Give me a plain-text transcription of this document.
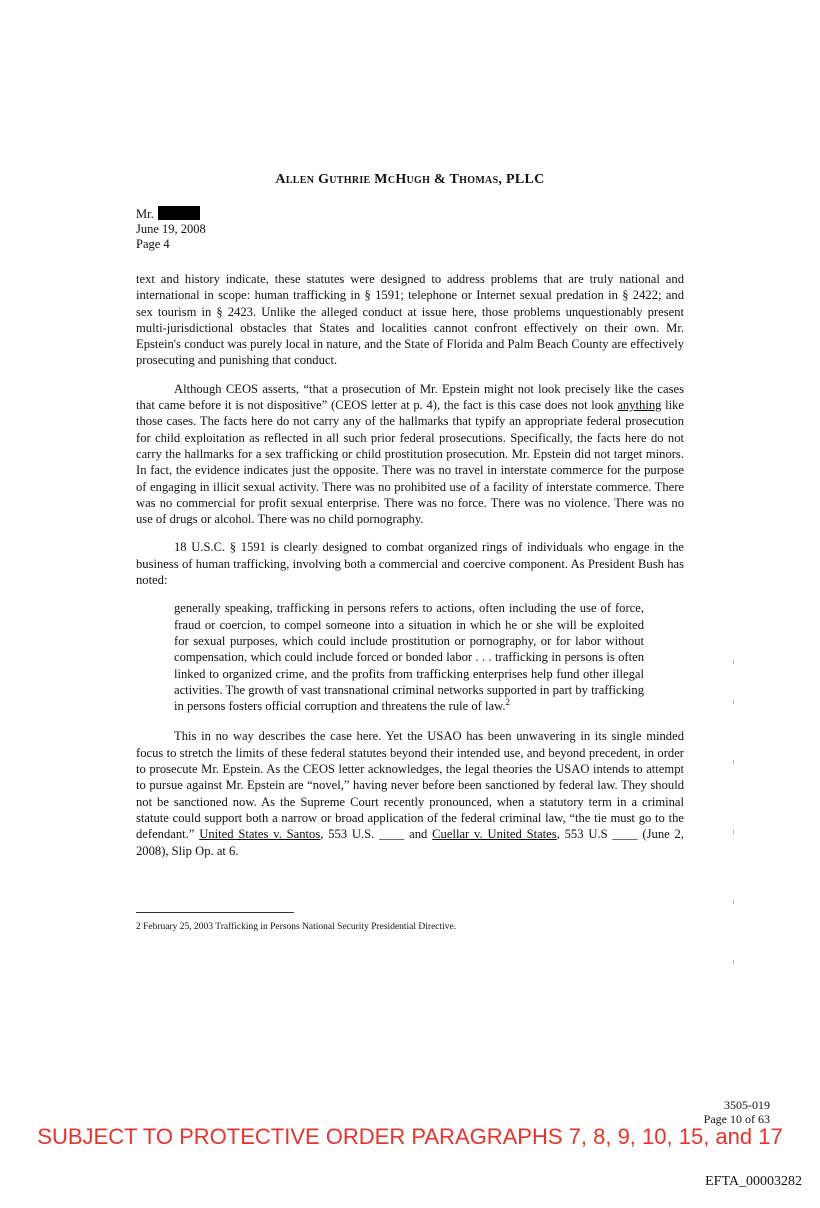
Allen Guthrie McHugh & Thomas, PLLC
Mr.
June 19, 2008
Page 4

text and history indicate, these statutes were designed to address problems that are truly national and international in scope: human trafficking in § 1591; telephone or Internet sexual predation in § 2422; and sex tourism in § 2423. Unlike the alleged conduct at issue here, those problems unquestionably present multi-jurisdictional obstacles that States and localities cannot confront effectively on their own. Mr. Epstein's conduct was purely local in nature, and the State of Florida and Palm Beach County are effectively prosecuting and punishing that conduct.

Although CEOS asserts, “that a prosecution of Mr. Epstein might not look precisely like the cases that came before it is not dispositive” (CEOS letter at p. 4), the fact is this case does not look anything like those cases. The facts here do not carry any of the hallmarks that typify an appropriate federal prosecution for child exploitation as reflected in all such prior federal prosecutions. Specifically, the facts here do not carry the hallmarks for a sex trafficking or child prostitution prosecution. Mr. Epstein did not target minors. In fact, the evidence indicates just the opposite. There was no travel in interstate commerce for the purpose of engaging in illicit sexual activity. There was no prohibited use of a facility of interstate commerce. There was no commercial for profit sexual enterprise. There was no force. There was no violence. There was no use of drugs or alcohol. There was no child pornography.

18 U.S.C. § 1591 is clearly designed to combat organized rings of individuals who engage in the business of human trafficking, involving both a commercial and coercive component. As President Bush has noted:

generally speaking, trafficking in persons refers to actions, often including the use of force, fraud or coercion, to compel someone into a situation in which he or she will be exploited for sexual purposes, which could include prostitution or pornography, or for labor without compensation, which could include forced or bonded labor . . . trafficking in persons is often linked to organized crime, and the profits from trafficking enterprises help fund other illegal activities. The growth of vast transnational criminal networks supported in part by trafficking in persons fosters official corruption and threatens the rule of law.$^2$

This in no way describes the case here. Yet the USAO has been unwavering in its single minded focus to stretch the limits of these federal statutes beyond their intended use, and beyond precedent, in order to prosecute Mr. Epstein. As the CEOS letter acknowledges, the legal theories the USAO intends to attempt to pursue against Mr. Epstein are “novel,” having never before been sanctioned by federal law. They should not be sanctioned now. As the Supreme Court recently pronounced, when a statutory term in a criminal statute could support both a narrow or broad application of the federal criminal law, “the tie must go to the defendant.” United States v. Santos, 553 U.S. ____ and Cuellar v. United States, 553 U.S ____ (June 2, 2008), Slip Op. at 6.

2 February 25, 2003 Trafficking in Persons National Security Presidential Directive.
3505-019
Page 10 of 63
SUBJECT TO PROTECTIVE ORDER PARAGRAPHS 7, 8, 9, 10, 15, and 17
EFTA_00003282
